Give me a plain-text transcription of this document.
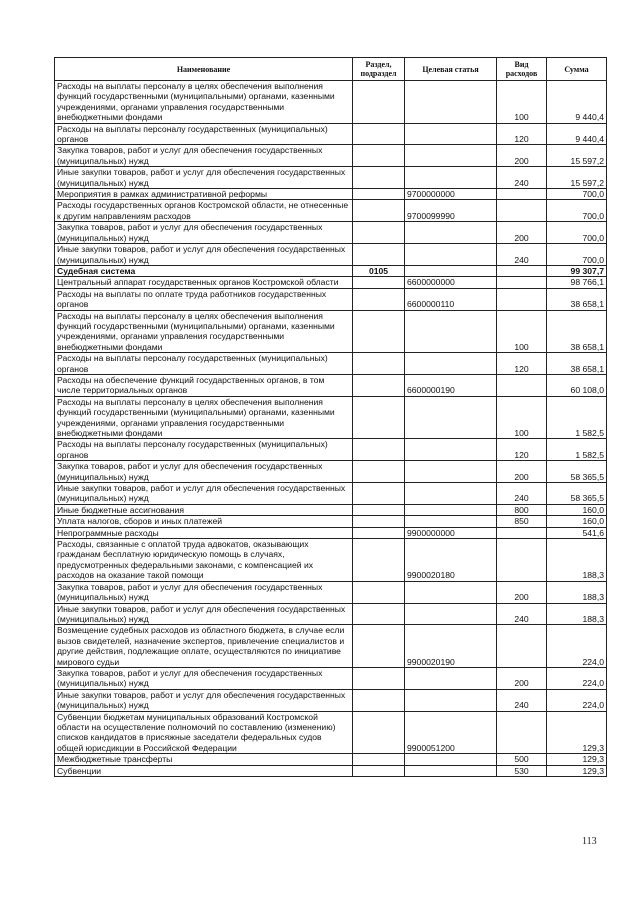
Наименование	Раздел, подраздел	Целевая статья	Вид расходов	Сумма
Расходы на выплаты персоналу в целях обеспечения выполнения функций государственными (муниципальными) органами, казенными учреждениями, органами управления государственными внебюджетными фондами			100	9 440,4
Расходы на выплаты персоналу государственных (муниципальных) органов			120	9 440,4
Закупка товаров, работ и услуг для обеспечения государственных (муниципальных) нужд			200	15 597,2
Иные закупки товаров, работ и услуг для обеспечения государственных (муниципальных) нужд			240	15 597,2
Мероприятия в рамках административной реформы		9700000000		700,0
Расходы государственных органов Костромской области, не отнесенные к другим направлениям расходов		9700099990		700,0
Закупка товаров, работ и услуг для обеспечения государственных (муниципальных) нужд			200	700,0
Иные закупки товаров, работ и услуг для обеспечения государственных (муниципальных) нужд			240	700,0
Судебная система	0105			99 307,7
Центральный аппарат государственных органов Костромской области		6600000000		98 766,1
Расходы на выплаты по оплате труда работников государственных органов		6600000110		38 658,1
Расходы на выплаты персоналу в целях обеспечения выполнения функций государственными (муниципальными) органами, казенными учреждениями, органами управления государственными внебюджетными фондами			100	38 658,1
Расходы на выплаты персоналу государственных (муниципальных) органов			120	38 658,1
Расходы на обеспечение функций государственных органов, в том числе территориальных органов		6600000190		60 108,0
Расходы на выплаты персоналу в целях обеспечения выполнения функций государственными (муниципальными) органами, казенными учреждениями, органами управления государственными внебюджетными фондами			100	1 582,5
Расходы на выплаты персоналу государственных (муниципальных) органов			120	1 582,5
Закупка товаров, работ и услуг для обеспечения государственных (муниципальных) нужд			200	58 365,5
Иные закупки товаров, работ и услуг для обеспечения государственных (муниципальных) нужд			240	58 365,5
Иные бюджетные ассигнования			800	160,0
Уплата налогов, сборов и иных платежей			850	160,0
Непрограммные расходы		9900000000		541,6
Расходы, связанные с оплатой труда адвокатов, оказывающих гражданам бесплатную юридическую помощь в случаях, предусмотренных федеральными законами, с компенсацией их расходов на оказание такой помощи		9900020180		188,3
Закупка товаров, работ и услуг для обеспечения государственных (муниципальных) нужд			200	188,3
Иные закупки товаров, работ и услуг для обеспечения государственных (муниципальных) нужд			240	188,3
Возмещение судебных расходов из областного бюджета, в случае если вызов свидетелей, назначение экспертов, привлечение специалистов и другие действия, подлежащие оплате, осуществляются по инициативе мирового судьи		9900020190		224,0
Закупка товаров, работ и услуг для обеспечения государственных (муниципальных) нужд			200	224,0
Иные закупки товаров, работ и услуг для обеспечения государственных (муниципальных) нужд			240	224,0
Субвенции бюджетам муниципальных образований Костромской области на осуществление полномочий по составлению (изменению) списков кандидатов в присяжные заседатели федеральных судов общей юрисдикции в Российской Федерации		9900051200		129,3
Межбюджетные трансферты			500	129,3
Субвенции			530	129,3
113
